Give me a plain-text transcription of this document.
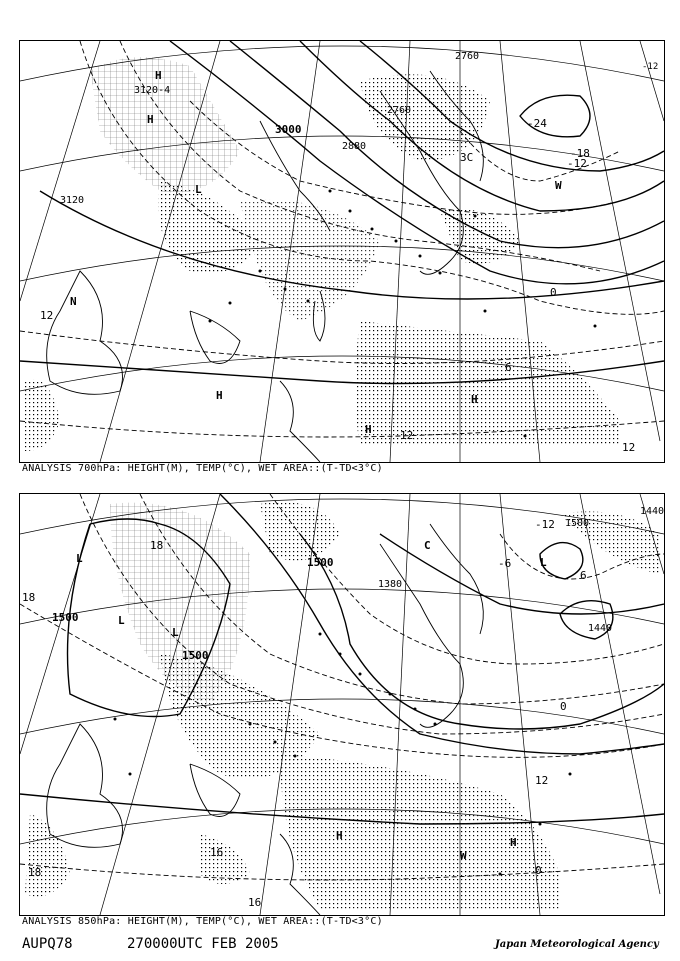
3000
2760
2880
3120
2760
3120-4
-24
-18
-12
-12
0
6
12
12
12
3C
H
H
H
H
H
L	W
N
ANALYSIS 700hPa: HEIGHT(M), TEMP(°C), WET AREA::(T-TD<3°C)
1500
1500
1500
1380
1440
1440
1500
18
18
16
16
12
6
0
-6
-12
18
0
L
L
L
H
H
W
L
C
ANALYSIS 850hPa: HEIGHT(M), TEMP(°C), WET AREA::(T-TD<3°C)
AUPQ78	270000UTC FEB 2005	Japan Meteorological Agency
